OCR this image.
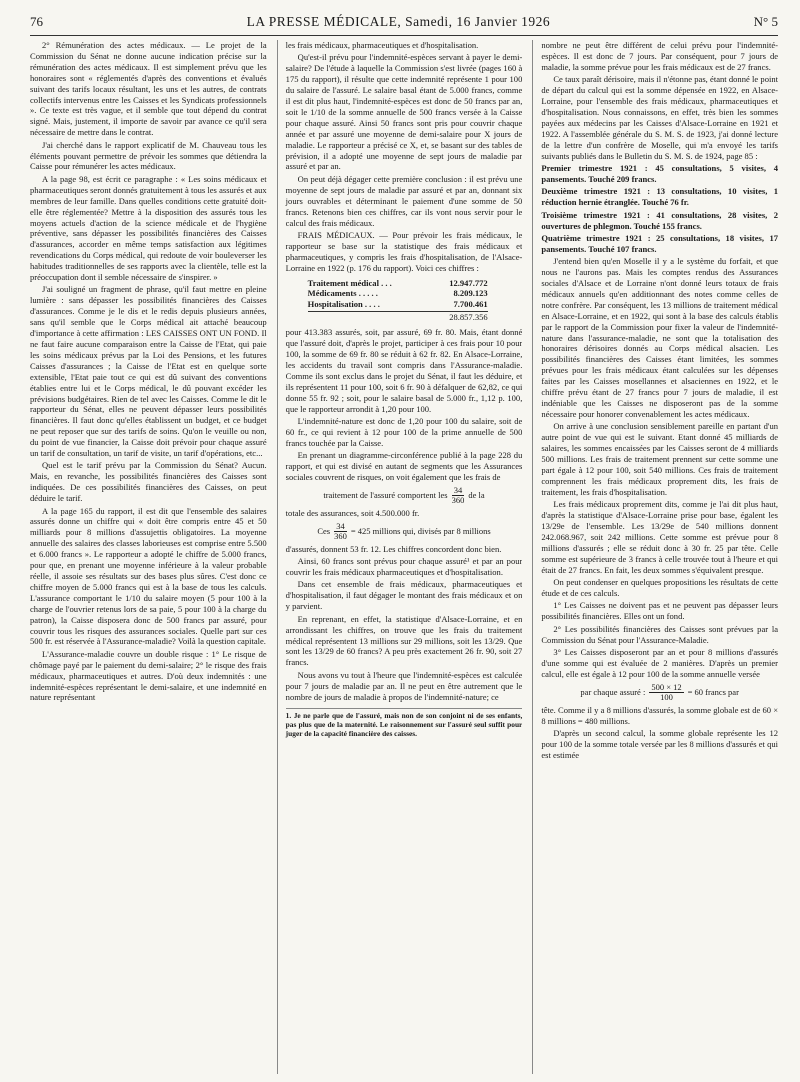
76	LA PRESSE MÉDICALE, Samedi, 16 Janvier 1926	N° 5

2° Rémunération des actes médicaux. — Le projet de la Commission du Sénat ne donne aucune indication précise sur la rémunération des actes médicaux. Il est simplement prévu que les honoraires sont « réglementés d'après des conventions et évalués suivant des tarifs locaux résultant, les uns et les autres, de contrats collectifs intervenus entre les Caisses et les Syndicats professionnels ». Ce texte est très vague, et il semble que tout dépend du contrat signé. Mais, justement, il importe de savoir par avance ce qu'il sera nécessaire de mettre dans le contrat.

J'ai cherché dans le rapport explicatif de M. Chauveau tous les éléments pouvant permettre de prévoir les sommes que détiendra la Caisse pour rémunérer les actes médicaux.

A la page 98, est écrit ce paragraphe : « Les soins médicaux et pharmaceutiques seront donnés gratuitement à tous les assurés et aux membres de leur famille. Dans quelles conditions cette gratuité doit-elle être réglementée? Mettre à la disposition des assurés tous les moyens actuels d'action de la science médicale et de l'hygiène préventive, sans dépasser les possibilités financières des Caisses d'assurances, accorder en même temps satisfaction aux légitimes revendications du Corps médical, qui redoute de voir bouleverser les habitudes traditionnelles de ses rapports avec la clientèle, telle est la préoccupation dont il semble nécessaire de s'inspirer. »

J'ai souligné un fragment de phrase, qu'il faut mettre en pleine lumière : sans dépasser les possibilités financières des Caisses d'assurances. Comme je le dis et le redis depuis plusieurs années, sans qu'il semble que le Corps médical ait attaché beaucoup d'importance à cette affirmation : LES CAISSES ONT UN FOND. Il ne faut faire aucune comparaison entre la Caisse de l'Etat, qui paie les soins médicaux prévus par la Loi des Pensions, et les futures Caisses d'assurances ; la Caisse de l'Etat est en quelque sorte extensible, l'Etat paie tout ce qui est dû suivant des conventions établies entre lui et le Corps médical, le dû pouvant excéder les prévisions budgétaires. Rien de tel avec les Caisses. Comme le dit le rapporteur du Sénat, elles ne peuvent dépasser leurs possibilités financières. Il faut donc qu'elles établissent un budget, et ce budget ne peut reposer que sur des tarifs de soins. Qu'on le veuille ou non, du point de vue financier, la Caisse doit prévoir pour chaque assuré un tarif de consultation, un tarif de visite, un tarif d'opérations, etc...

Quel est le tarif prévu par la Commission du Sénat? Aucun. Mais, en revanche, les possibilités financières des Caisses sont indiquées. De ces possibilités financières des Caisses, on peut déduire le tarif.

A la page 165 du rapport, il est dit que l'ensemble des salaires assurés donne un chiffre qui « doit être compris entre 45 et 50 milliards pour 8 millions d'assujettis obligatoires. La moyenne annuelle des salaires des classes laborieuses est comprise entre 5.500 et 6.000 francs ». Le rapporteur a adopté le chiffre de 5.000 francs, pour que, en prenant une moyenne inférieure à la valeur probable réelle, il assoie ses résultats sur des bases plus sûres. C'est donc ce chiffre moyen de 5.000 francs qui est à la base de tous les calculs. L'assurance comportant le 1/10 du salaire moyen (5 pour 100 à la charge de l'ouvrier retenus lors de sa paie, 5 pour 100 à la charge du patron), la Caisse disposera donc de 500 francs par assuré, pour couvrir tous les risques des assurances sociales. Quelle part sur ces 500 fr. est réservée à l'Assurance-maladie? Voilà la question capitale.

L'Assurance-maladie couvre un double risque : 1° Le risque de chômage payé par le paiement du demi-salaire; 2° le risque des frais médicaux, pharmaceutiques et autres. D'où deux indemnités : une indemnité-espèces représentant le demi-salaire, et une indemnité en nature représentant

les frais médicaux, pharmaceutiques et d'hospitalisation.

Qu'est-il prévu pour l'indemnité-espèces servant à payer le demi-salaire? De l'étude à laquelle la Commission s'est livrée (pages 160 à 175 du rapport), il résulte que cette indemnité représente 1 pour 100 du salaire de l'assuré. Le salaire basal étant de 5.000 francs, comme il est dit plus haut, l'indemnité-espèces est donc de 50 francs par an, soit le 1/10 de la somme annuelle de 500 francs versée à la Caisse pour chaque assuré. Ainsi 50 francs sont pris pour couvrir chaque année et par assuré une moyenne de demi-salaire pour X jours de maladie. Le rapporteur a précisé ce X, et, se basant sur des tables de prévision, il a adopté une moyenne de sept jours de maladie par assuré et par an.

On peut déjà dégager cette première conclusion : il est prévu une moyenne de sept jours de maladie par assuré et par an, donnant six jours ouvrables et déterminant le paiement d'une somme de 50 francs. Retenons bien ces chiffres, car ils vont nous servir pour le calcul des frais médicaux.

FRAIS MÉDICAUX. — Pour prévoir les frais médicaux, le rapporteur se base sur la statistique des frais médicaux et pharmaceutiques, y compris les frais d'hospitalisation, de l'Alsace-Lorraine en 1922 (p. 176 du rapport). Voici ces chiffres :

Traitement médical . . .	12.947.772
Médicaments . . . . .	8.209.123
Hospitalisation . . . .	7.700.461
28.857.356

pour 413.383 assurés, soit, par assuré, 69 fr. 80. Mais, étant donné que l'assuré doit, d'après le projet, participer à ces frais pour 10 pour 100, la somme de 69 fr. 80 se réduit à 62 fr. 82. En Alsace-Lorraine, les accidents du travail sont compris dans l'Assurance-maladie. Comme ils sont exclus dans le projet du Sénat, il faut les déduire, et ils représentent 11 pour 100, soit 6 fr. 90 à défalquer de 62,82, ce qui donne 55 fr. 92 ; soit, pour le salaire basal de 5.000 fr., 1,12 p. 100, que le rapporteur arrondit à 1,20 pour 100.

L'indemnité-nature est donc de 1,20 pour 100 du salaire, soit de 60 fr., ce qui revient à 12 pour 100 de la prime annuelle de 500 francs touchée par la Caisse.

En prenant un diagramme-circonférence publié à la page 228 du rapport, et qui est divisé en autant de segments que les Assurances sociales couvrent de risques, on voit également que les frais de

traitement de l'assuré comportent les $\frac{34}{360}$ de la

totale des assurances, soit 4.500.000 fr.

Ces $\frac{34}{360} = 425$ millions qui, divisés par 8 millions

d'assurés, donnent 53 fr. 12. Les chiffres concordent donc bien.

Ainsi, 60 francs sont prévus pour chaque assuré¹ et par an pour couvrir les frais médicaux pharmaceutiques et d'hospitalisation.

Dans cet ensemble de frais médicaux, pharmaceutiques et d'hospitalisation, il faut dégager le montant des frais médicaux et on y parvient.

En reprenant, en effet, la statistique d'Alsace-Lorraine, et en arrondissant les chiffres, on trouve que les frais du traitement médical représentent 13 millions sur 29 millions, soit les 13/29. Que sont les 13/29 de 60 francs? A peu près exactement 26 fr. 90, soit 27 francs.

Nous avons vu tout à l'heure que l'indemnité-espèces est calculée pour 7 jours de maladie par an. Il ne peut en être autrement que le nombre de jours de maladie à propos de l'indemnité-nature; ce

1. Je ne parle que de l'assuré, mais non de son conjoint ni de ses enfants, pas plus que de la maternité. Le raisonnement sur l'assuré seul suffit pour juger de la capacité financière des caisses.

nombre ne peut être différent de celui prévu pour l'indemnité-espèces. Il est donc de 7 jours. Par conséquent, pour 7 jours de maladie, la somme prévue pour les frais médicaux est de 27 francs.

Ce taux paraît dérisoire, mais il n'étonne pas, étant donné le point de départ du calcul qui est la somme dépensée en 1922, en Alsace-Lorraine, pour l'ensemble des frais médicaux, pharmaceutiques et d'hospitalisation. Nous connaissons, en effet, très bien les sommes payées aux médecins par les Caisses d'Alsace-Lorraine en 1921 et 1922. A l'assemblée générale du S. M. S. de 1923, j'ai donné lecture de la lettre d'un confrère de Moselle, qui m'a envoyé les tarifs suivants publiés dans le Bulletin du S. M. S. de 1924, page 85 :

Premier trimestre 1921 : 45 consultations, 5 visites, 4 pansements. Touché 209 francs.

Deuxième trimestre 1921 : 13 consultations, 10 visites, 1 réduction hernie étranglée. Touché 76 fr.

Troisième trimestre 1921 : 41 consultations, 28 visites, 2 ouvertures de phlegmon. Touché 155 francs.

Quatrième trimestre 1921 : 25 consultations, 18 visites, 17 pansements. Touché 107 francs.

J'entend bien qu'en Moselle il y a le système du forfait, et que nous ne l'aurons pas. Mais les comptes rendus des Assurances sociales d'Alsace et de Lorraine n'ont donné leurs totaux de frais médicaux annuels qu'en additionnant des notes comme celles de notre confrère. Par conséquent, les 13 millions de traitement médical en Alsace-Lorraine, et en 1922, qui sont à la base des calculs établis par le rapport de la Commission pour fixer la valeur de l'indemnité-nature dans l'assurance-maladie, ne sont que la totalisation des honoraires dérisoires donnés au Corps médical alsacien. Les possibilités financières des Caisses étant limitées, les sommes prévues pour les frais médicaux étant calculées sur les dépenses faites par les Caisses mosellannes et alsaciennes en 1922, et le chiffre prévu étant de 27 francs pour 7 jours de maladie, il est indéniable que les Caisses ne disposeront pas de la somme nécessaire pour honorer convenablement les actes médicaux.

On arrive à une conclusion sensiblement pareille en partant d'un autre point de vue qui est le suivant. Etant donné 45 milliards de salaires, les sommes encaissées par les Caisses seront de 4 milliards 500 millions. Les frais de traitement prennent sur cette somme une part égale à 12 pour 100, soit 540 millions. Ces frais de traitement comprennent les frais médicaux proprement dits, les frais de traitement, les frais d'hospitalisation.

Les frais médicaux proprement dits, comme je l'ai dit plus haut, d'après la statistique d'Alsace-Lorraine prise pour base, égalent les 13/29e de l'ensemble. Les 13/29e de 540 millions donnent 242.068.967, soit 242 millions. Cette somme est prévue pour 8 millions d'assurés ; elle se réduit donc à 30 fr. 25 par tête. Celle somme est supérieure de 3 francs à celle trouvée tout à l'heure et qui était de 27 francs. En fait, les deux sommes s'équivalent presque.

On peut condenser en quelques propositions les résultats de cette étude et de ces calculs.

1° Les Caisses ne doivent pas et ne peuvent pas dépasser leurs possibilités financières. Elles ont un fond.

2° Les possibilités financières des Caisses sont prévues par la Commission du Sénat pour l'Assurance-Maladie.

3° Les Caisses disposeront par an et pour 8 millions d'assurés d'une somme qui est évaluée de 2 manières. D'après un premier calcul, elle est égale à 12 pour 100 de la somme annuelle versée

par chaque assuré : $\frac{500 \times 12}{100} = 60$ francs par

tête. Comme il y a 8 millions d'assurés, la somme globale est de 60 × 8 millions = 480 millions.

D'après un second calcul, la somme globale représente les 12 pour 100 de la somme totale versée par les 8 millions d'assurés et qui est estimée
